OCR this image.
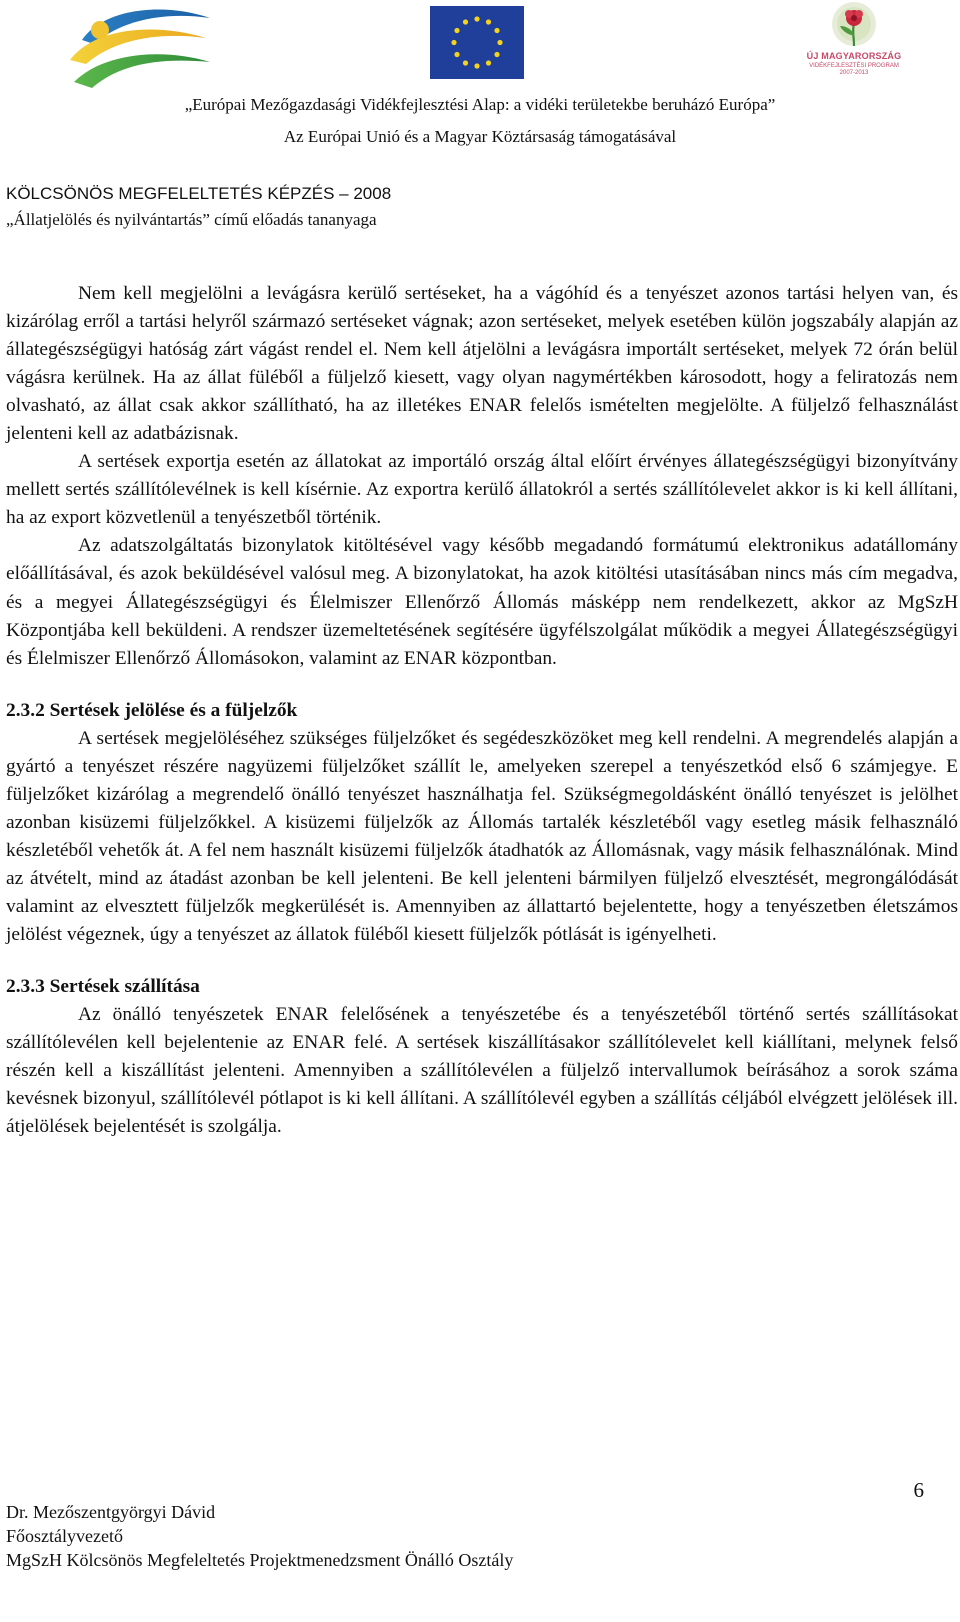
ÚJ MAGYARORSZÁG
VIDÉKFEJLESZTÉSI PROGRAM
2007-2013
„Európai Mezőgazdasági Vidékfejlesztési Alap: a vidéki területekbe beruházó Európa”
Az Európai Unió és a Magyar Köztársaság támogatásával
KÖLCSÖNÖS MEGFELELTETÉS KÉPZÉS – 2008
„Állatjelölés és nyilvántartás” című előadás tananyaga

Nem kell megjelölni a levágásra kerülő sertéseket, ha a vágóhíd és a tenyészet azonos tartási helyen van, és kizárólag erről a tartási helyről származó sertéseket vágnak; azon sertéseket, melyek esetében külön jogszabály alapján az állategészségügyi hatóság zárt vágást rendel el. Nem kell átjelölni a levágásra importált sertéseket, melyek 72 órán belül vágásra kerülnek. Ha az állat füléből a füljelző kiesett, vagy olyan nagymértékben károsodott, hogy a feliratozás nem olvasható, az állat csak akkor szállítható, ha az illetékes ENAR felelős ismételten megjelölte. A füljelző felhasználást jelenteni kell az adatbázisnak.

A sertések exportja esetén az állatokat az importáló ország által előírt érvényes állategészségügyi bizonyítvány mellett sertés szállítólevélnek is kell kísérnie. Az exportra kerülő állatokról a sertés szállítólevelet akkor is ki kell állítani, ha az export közvetlenül a tenyészetből történik.

Az adatszolgáltatás bizonylatok kitöltésével vagy később megadandó formátumú elektronikus adatállomány előállításával, és azok beküldésével valósul meg. A bizonylatokat, ha azok kitöltési utasításában nincs más cím megadva, és a megyei Állategészségügyi és Élelmiszer Ellenőrző Állomás másképp nem rendelkezett, akkor az MgSzH Központjába kell beküldeni. A rendszer üzemeltetésének segítésére ügyfélszolgálat működik a megyei Állategészségügyi és Élelmiszer Ellenőrző Állomásokon, valamint az ENAR központban.

2.3.2 Sertések jelölése és a füljelzők

A sertések megjelöléséhez szükséges füljelzőket és segédeszközöket meg kell rendelni. A megrendelés alapján a gyártó a tenyészet részére nagyüzemi füljelzőket szállít le, amelyeken szerepel a tenyészetkód első 6 számjegye. E füljelzőket kizárólag a megrendelő önálló tenyészet használhatja fel. Szükségmegoldásként önálló tenyészet is jelölhet azonban kisüzemi füljelzőkkel. A kisüzemi füljelzők az Állomás tartalék készletéből vagy esetleg másik felhasználó készletéből vehetők át. A fel nem használt kisüzemi füljelzők átadhatók az Állomásnak, vagy másik felhasználónak. Mind az átvételt, mind az átadást azonban be kell jelenteni. Be kell jelenteni bármilyen füljelző elvesztését, megrongálódását valamint az elvesztett füljelzők megkerülését is. Amennyiben az állattartó bejelentette, hogy a tenyészetben életszámos jelölést végeznek, úgy a tenyészet az állatok füléből kiesett füljelzők pótlását is igényelheti.

2.3.3 Sertések szállítása

Az önálló tenyészetek ENAR felelősének a tenyészetébe és a tenyészetéből történő sertés szállításokat szállítólevélen kell bejelentenie az ENAR felé. A sertések kiszállításakor szállítólevelet kell kiállítani, melynek felső részén kell a kiszállítást jelenteni. Amennyiben a szállítólevélen a füljelző intervallumok beírásához a sorok száma kevésnek bizonyul, szállítólevél pótlapot is ki kell állítani. A szállítólevél egyben a szállítás céljából elvégzett jelölések ill. átjelölések bejelentését is szolgálja.

6
Dr. Mezőszentgyörgyi Dávid
Főosztályvezető
MgSzH Kölcsönös Megfeleltetés Projektmenedzsment Önálló Osztály
